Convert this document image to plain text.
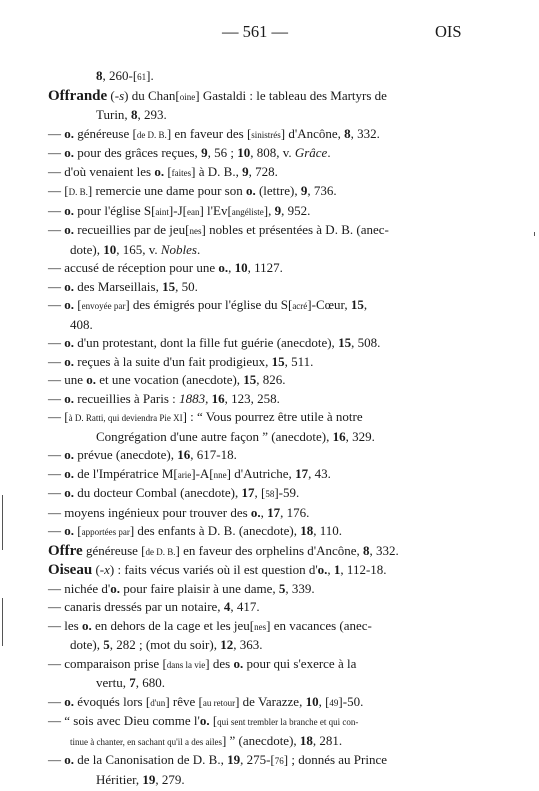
— 561 —	OIS
8, 260-[61].
Offrande (-s) du Chan[oine] Gastaldi : le tableau des Martyrs de
Turin, 8, 293.
— o. généreuse [de D. B.] en faveur des [sinistrés] d'Ancône, 8, 332.
— o. pour des grâces reçues, 9, 56 ; 10, 808, v. Grâce.
— d'où venaient les o. [faites] à D. B., 9, 728.
— [D. B.] remercie une dame pour son o. (lettre), 9, 736.
— o. pour l'église S[aint]-J[ean] l'Ev[angéliste], 9, 952.
— o. recueillies par de jeu[nes] nobles et présentées à D. B. (anec-
dote), 10, 165, v. Nobles.
— accusé de réception pour une o., 10, 1127.
— o. des Marseillais, 15, 50.
— o. [envoyée par] des émigrés pour l'église du S[acré]-Cœur, 15,
408.
— o. d'un protestant, dont la fille fut guérie (anecdote), 15, 508.
— o. reçues à la suite d'un fait prodigieux, 15, 511.
— une o. et une vocation (anecdote), 15, 826.
— o. recueillies à Paris : 1883, 16, 123, 258.
— [à D. Ratti, qui deviendra Pie XI] : “ Vous pourrez être utile à notre
Congrégation d'une autre façon ” (anecdote), 16, 329.
— o. prévue (anecdote), 16, 617-18.
— o. de l'Impératrice M[arie]-A[nne] d'Autriche, 17, 43.
— o. du docteur Combal (anecdote), 17, [58]-59.
— moyens ingénieux pour trouver des o., 17, 176.
— o. [apportées par] des enfants à D. B. (anecdote), 18, 110.
Offre généreuse [de D. B.] en faveur des orphelins d'Ancône, 8, 332.
Oiseau (-x) : faits vécus variés où il est question d'o., 1, 112-18.
— nichée d'o. pour faire plaisir à une dame, 5, 339.
— canaris dressés par un notaire, 4, 417.
— les o. en dehors de la cage et les jeu[nes] en vacances (anec-
dote), 5, 282 ; (mot du soir), 12, 363.
— comparaison prise [dans la vie] des o. pour qui s'exerce à la
vertu, 7, 680.
— o. évoqués lors [d'un] rêve [au retour] de Varazze, 10, [49]-50.
— “ sois avec Dieu comme l'o. [qui sent trembler la branche et qui con-
tinue à chanter, en sachant qu'il a des ailes] ” (anecdote), 18, 281.
— o. de la Canonisation de D. B., 19, 275-[76] ; donnés au Prince
Héritier, 19, 279.
